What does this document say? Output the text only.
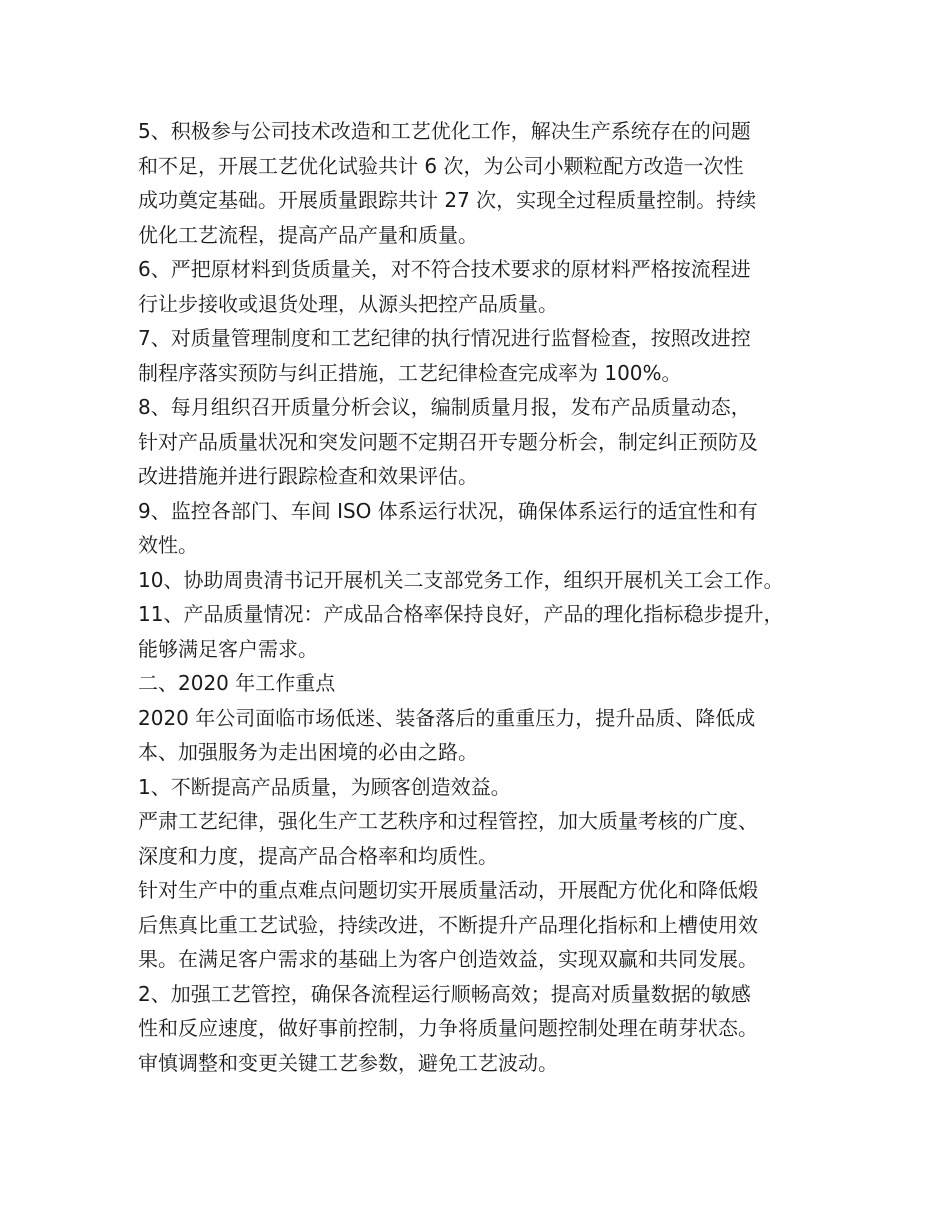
5、积极参与公司技术改造和工艺优化工作，解决生产系统存在的问题
和不足，开展工艺优化试验共计 6 次，为公司小颗粒配方改造一次性
成功奠定基础。开展质量跟踪共计 27 次，实现全过程质量控制。持续
优化工艺流程，提高产品产量和质量。
6、严把原材料到货质量关，对不符合技术要求的原材料严格按流程进
行让步接收或退货处理，从源头把控产品质量。
7、对质量管理制度和工艺纪律的执行情况进行监督检查，按照改进控
制程序落实预防与纠正措施，工艺纪律检查完成率为 100%。
8、每月组织召开质量分析会议，编制质量月报，发布产品质量动态，
针对产品质量状况和突发问题不定期召开专题分析会，制定纠正预防及
改进措施并进行跟踪检查和效果评估。
9、监控各部门、车间 ISO 体系运行状况，确保体系运行的适宜性和有
效性。
10、协助周贵清书记开展机关二支部党务工作，组织开展机关工会工作。
11、产品质量情况：产成品合格率保持良好，产品的理化指标稳步提升，
能够满足客户需求。
二、2020 年工作重点
2020 年公司面临市场低迷、装备落后的重重压力，提升品质、降低成
本、加强服务为走出困境的必由之路。
1、不断提高产品质量，为顾客创造效益。
严肃工艺纪律，强化生产工艺秩序和过程管控，加大质量考核的广度、
深度和力度，提高产品合格率和均质性。
针对生产中的重点难点问题切实开展质量活动，开展配方优化和降低煅
后焦真比重工艺试验，持续改进，不断提升产品理化指标和上槽使用效
果。在满足客户需求的基础上为客户创造效益，实现双赢和共同发展。
2、加强工艺管控，确保各流程运行顺畅高效；提高对质量数据的敏感
性和反应速度，做好事前控制，力争将质量问题控制处理在萌芽状态。
审慎调整和变更关键工艺参数，避免工艺波动。
